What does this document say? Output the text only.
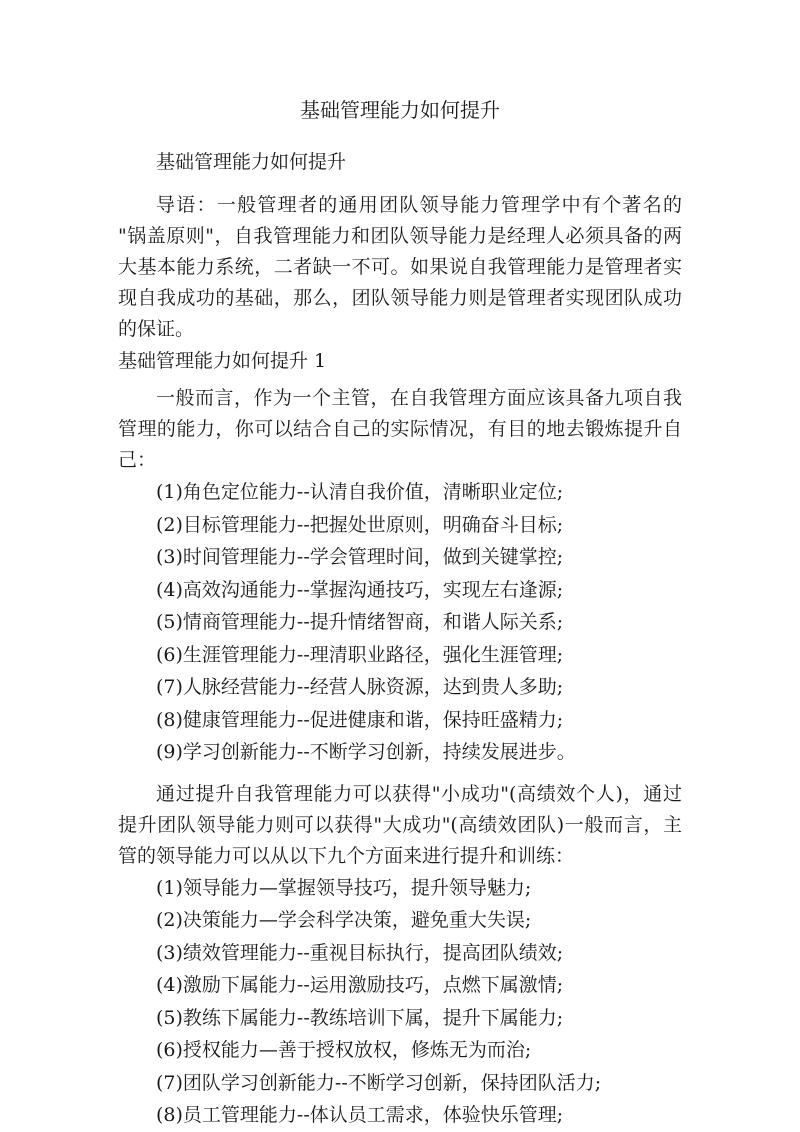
基础管理能力如何提升

基础管理能力如何提升

导语：一般管理者的通用团队领导能力管理学中有个著名的 "锅盖原则"，自我管理能力和团队领导能力是经理人必须具备的两大基本能力系统，二者缺一不可。如果说自我管理能力是管理者实现自我成功的基础，那么，团队领导能力则是管理者实现团队成功的保证。

基础管理能力如何提升 1

一般而言，作为一个主管，在自我管理方面应该具备九项自我管理的能力，你可以结合自己的实际情况，有目的地去锻炼提升自己：

(1)角色定位能力--认清自我价值，清晰职业定位;
(2)目标管理能力--把握处世原则，明确奋斗目标;
(3)时间管理能力--学会管理时间，做到关键掌控;
(4)高效沟通能力--掌握沟通技巧，实现左右逢源;
(5)情商管理能力--提升情绪智商，和谐人际关系;
(6)生涯管理能力--理清职业路径，强化生涯管理;
(7)人脉经营能力--经营人脉资源，达到贵人多助;
(8)健康管理能力--促进健康和谐，保持旺盛精力;
(9)学习创新能力--不断学习创新，持续发展进步。

通过提升自我管理能力可以获得"小成功"(高绩效个人)，通过提升团队领导能力则可以获得"大成功"(高绩效团队)一般而言，主管的领导能力可以从以下九个方面来进行提升和训练：

(1)领导能力—掌握领导技巧，提升领导魅力;
(2)决策能力—学会科学决策，避免重大失误;
(3)绩效管理能力--重视目标执行，提高团队绩效;
(4)激励下属能力--运用激励技巧，点燃下属激情;
(5)教练下属能力--教练培训下属，提升下属能力;
(6)授权能力—善于授权放权，修炼无为而治;
(7)团队学习创新能力--不断学习创新，保持团队活力;
(8)员工管理能力--体认员工需求，体验快乐管理;
